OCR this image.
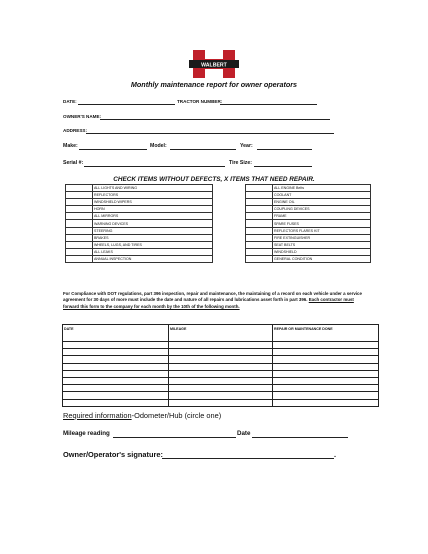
WALBERT
Monthly maintenance report for owner operators
DATE:	TRACTOR NUMBER:
OWNER'S NAME:
ADDRESS:
Make:	Model:	Year:
Serial #:	Tire Size:
CHECK ITEMS WITHOUT DEFECTS, X ITEMS THAT NEED REPAIR.
	ALL LIGHTS AND WIRING			ALL ENGINE Belts
	REFLECTORS			COOLANT
	WINDSHIELD WIPERS			ENGINE OIL
	HORN			COUPLING DEVICES
	ALL MIRRORS			FRAME
	WARNING DEVICES			SPARE FUSES
	STEERING			REFLECTORS FLARES KIT
	BRAKES			FIRE EXTINGUISHER
	WHEELS, LUGS, AND TIRES			SEAT BELTS
	ALL LEAKS			WINDSHIELD
	ANNUAL INSPECTION			GENERAL CONDITION
For Compliance with DOT regulations, part 396 inspection, repair and maintenance, the maintaining of a record on each vehicle under a service agreement for 30 days of more must include the date and nature of all repairs and lubrications asset forth in part 396. Each contractor must forward this form to the company for each month by the 10th of the following month.
DATE	MILEAGE	REPAIR OR MAINTENANCE DONE

Required information-Odometer/Hub (circle one)
Mileage reading	Date
Owner/Operator's signature:	.
